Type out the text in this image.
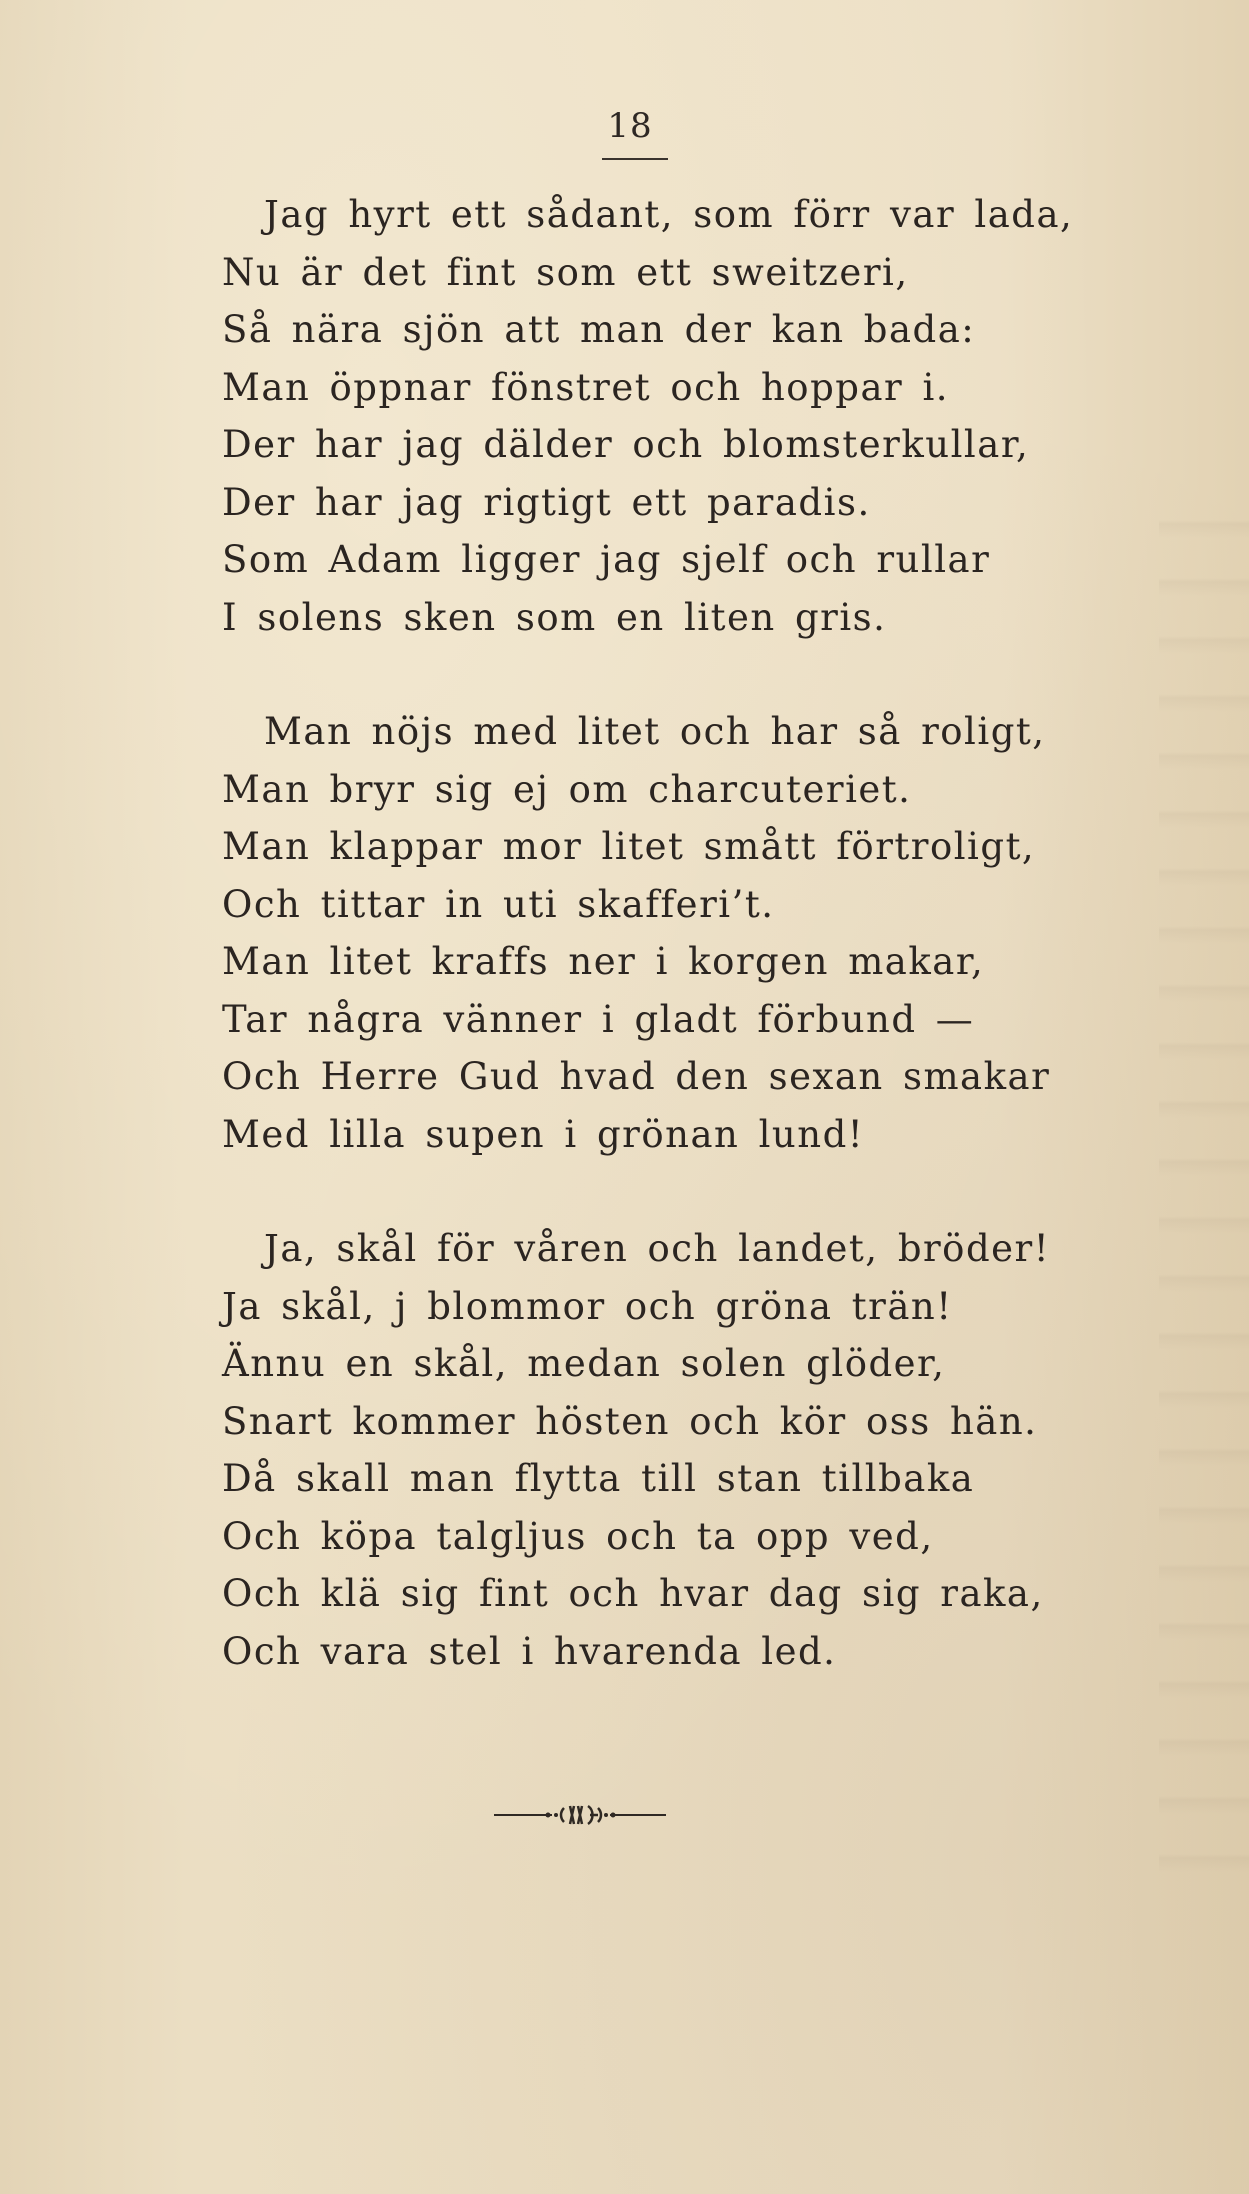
18
Jag hyrt ett sådant, som förr var lada,
Nu är det fint som ett sweitzeri,
Så nära sjön att man der kan bada:
Man öppnar fönstret och hoppar i.
Der har jag dälder och blomsterkullar,
Der har jag rigtigt ett paradis.
Som Adam ligger jag sjelf och rullar
I solens sken som en liten gris.
Man nöjs med litet och har så roligt,
Man bryr sig ej om charcuteriet.
Man klappar mor litet smått förtroligt,
Och tittar in uti skafferi’t.
Man litet kraffs ner i korgen makar,
Tar några vänner i gladt förbund —
Och Herre Gud hvad den sexan smakar
Med lilla supen i grönan lund!
Ja, skål för våren och landet, bröder!
Ja skål, j blommor och gröna trän!
Ännu en skål, medan solen glöder,
Snart kommer hösten och kör oss hän.
Då skall man flytta till stan tillbaka
Och köpa talgljus och ta opp ved,
Och klä sig fint och hvar dag sig raka,
Och vara stel i hvarenda led.
